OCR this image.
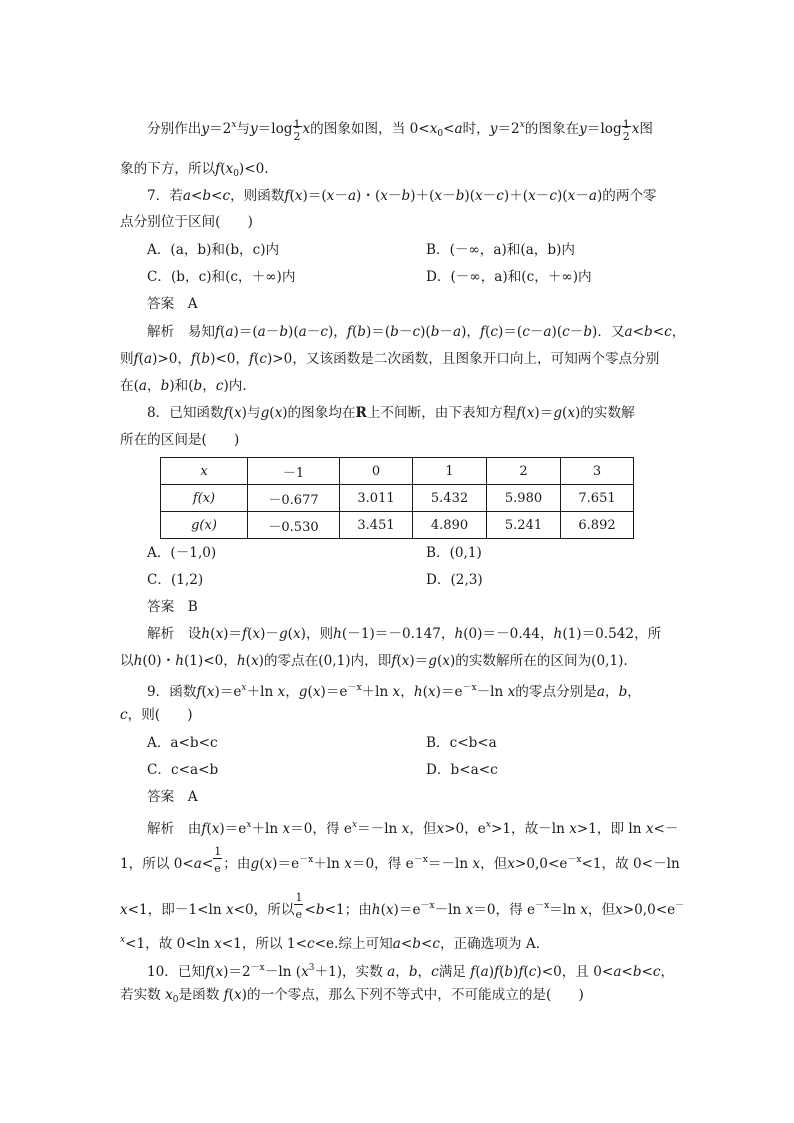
分别作出$y=2^x$与y＝log 1
2 x的图象如图，当 $0<x_0<a$时，$y=2^x$的图象在y＝log 1
2 x图
象的下方，所以$f(x_0)<0$.
7．若a<b<c，则函数f(x)＝(x－a)・(x－b)＋(x－b)(x－c)＋(x－c)(x－a)的两个零
点分别位于区间(　　)
A．(a，b)和(b，c)内	B．(－∞，a)和(a，b)内
C．(b，c)和(c，＋∞)内	D．(－∞，a)和(c，＋∞)内
答案　A
解析　易知f(a)＝(a－b)(a－c)，f(b)＝(b－c)(b－a)，f(c)＝(c－a)(c－b)．又a<b<c，
则f(a)>0，f(b)<0，f(c)>0，又该函数是二次函数，且图象开口向上，可知两个零点分别
在(a，b)和(b，c)内.
8．已知函数f(x)与g(x)的图象均在R上不间断，由下表知方程f(x)＝g(x)的实数解
所在的区间是(　　)
x	－1	0	1	2	3
f(x)	－0.677	3.011	5.432	5.980	7.651
g(x)	－0.530	3.451	4.890	5.241	6.892
A．(－1,0)	B．(0,1)
C．(1,2)	D．(2,3)
答案　B
解析　设h(x)＝f(x)－g(x)，则h(－1)＝－0.147，h(0)＝－0.44，h(1)＝0.542，所
以h(0)・h(1)<0，h(x)的零点在(0,1)内，即f(x)＝g(x)的实数解所在的区间为(0,1).
9．函数$f(x)=e^x+\ln$ x，$g(x)=e^{-x}+\ln$ x，$h(x)=e^{-x}-\ln$ x的零点分别是a，b，
c，则(　　)
A．a<b<c	B．c<b<a
C．c<a<b	D．b<a<c
答案　A
解析　由$f(x)=e^x+\ln$ x＝0，得 $e^x=-\ln$ x，但x>0，$e^x>1$，故－ln x>1，即 ln x<－
1，所以 $0<a< \frac{1}{e}$ ；由$g(x)=e^{-x}+\ln$ x＝0，得 $e^{-x}=-\ln$ x，但$x>0,0<e^{-x}<1$，故 0<－ln
x<1，即－1<ln x<0，所以 $\frac{1}{e} <b<1$；由$h(x)=e^{-x}-\ln$ x＝0，得 $e^{-x}=\ln$ x，但x>0,0<e－
$^x$<1，故 0<ln x<1，所以 1<c<e.综上可知a<b<c，正确选项为 A.
10．已知$f(x)=2^{-x}-\ln$ $(x^3+1)$，实数 a，b，c满足 f(a)f(b)f(c)<0，且 0<a<b<c，
若实数 $x_0$是函数 f(x)的一个零点，那么下列不等式中，不可能成立的是(　　)
